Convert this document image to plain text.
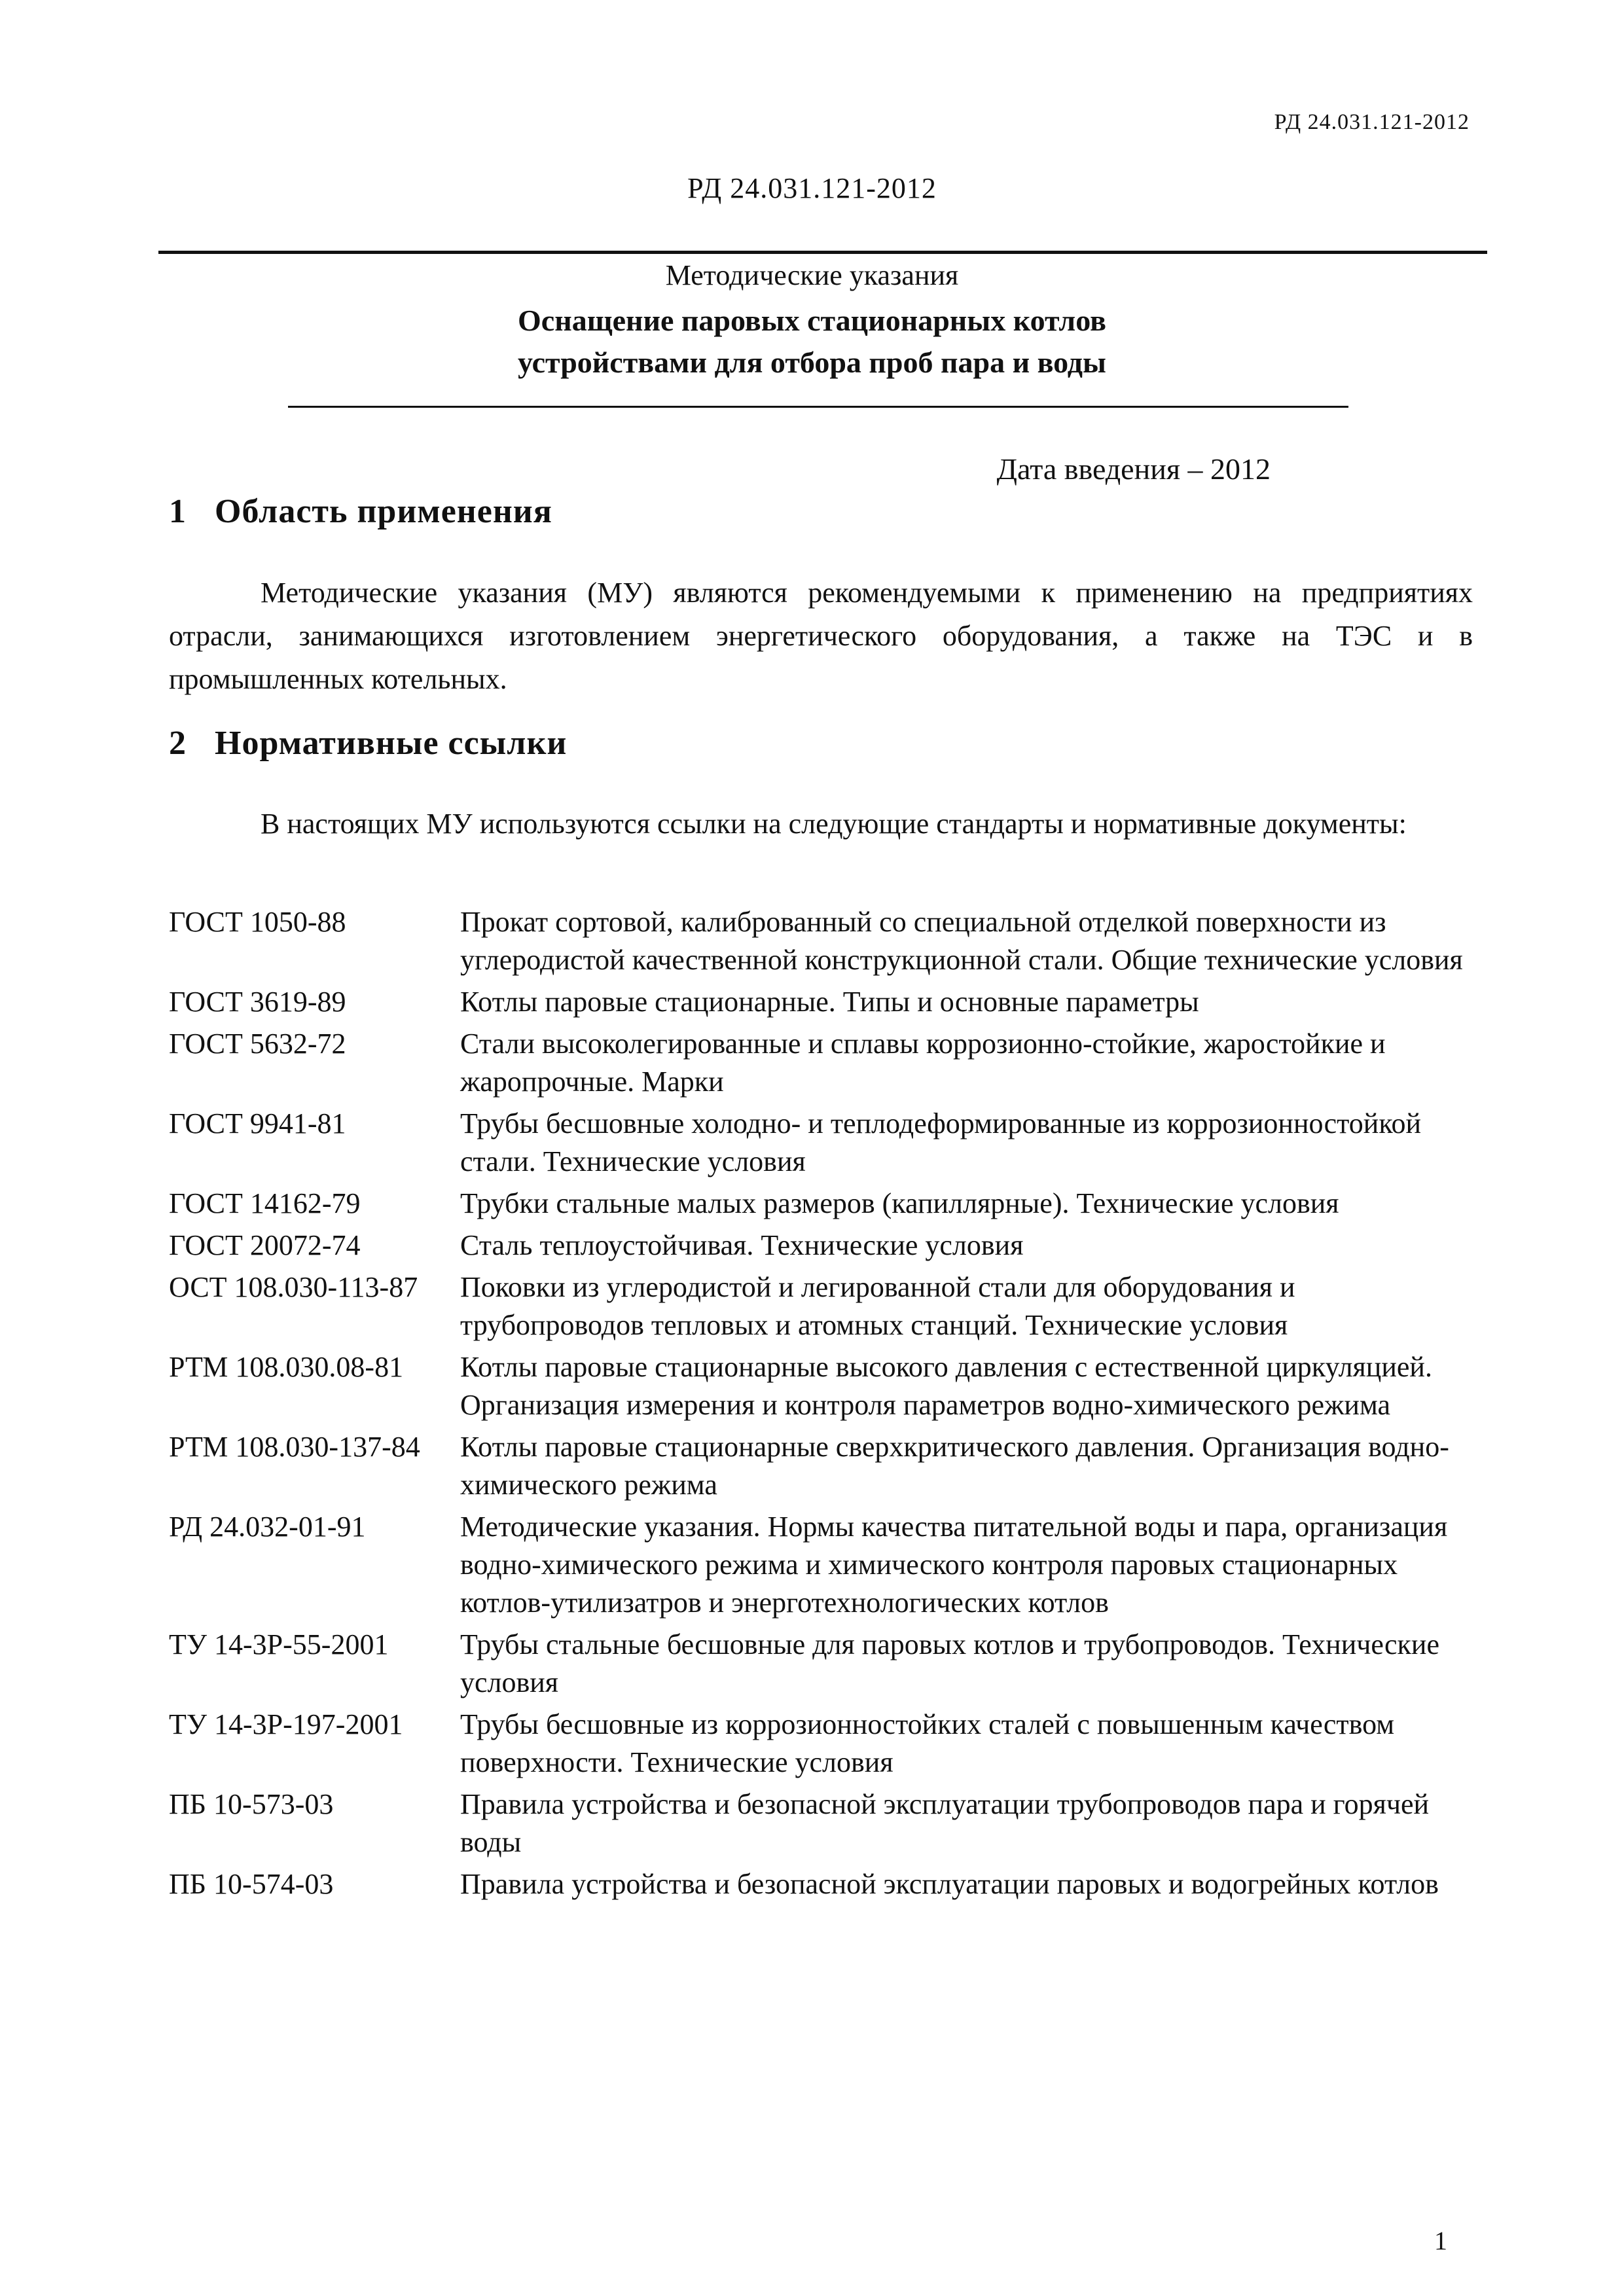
РД 24.031.121-2012
РД 24.031.121-2012
Методические указания
Оснащение паровых стационарных котлов
устройствами для отбора проб пара и воды
Дата введения – 2012
1 Область применения
Методические указания (МУ) являются рекомендуемыми к применению на предприятиях отрасли, занимающихся изготовлением энергетического оборудования, а также на ТЭС и в промышленных котельных.
2 Нормативные ссылки
В настоящих МУ используются ссылки на следующие стандарты и нормативные документы:
ГОСТ 1050-88	Прокат сортовой, калиброванный со специальной отделкой поверхности из углеродистой качественной конструкционной стали. Общие технические условия
ГОСТ 3619-89	Котлы паровые стационарные. Типы и основные параметры
ГОСТ 5632-72	Стали высоколегированные и сплавы коррозионно-стойкие, жаростойкие и жаропрочные. Марки
ГОСТ 9941-81	Трубы бесшовные холодно- и теплодеформированные из коррозионностойкой стали. Технические условия
ГОСТ 14162-79	Трубки стальные малых размеров (капиллярные). Технические условия
ГОСТ 20072-74	Сталь теплоустойчивая. Технические условия
ОСТ 108.030-113-87	Поковки из углеродистой и легированной стали для оборудования и трубопроводов тепловых и атомных станций. Технические условия
РТМ 108.030.08-81	Котлы паровые стационарные высокого давления с естественной циркуляцией. Организация измерения и контроля параметров водно-химического режима
РТМ 108.030-137-84	Котлы паровые стационарные сверхкритического давления. Организация водно-химического режима
РД 24.032-01-91	Методические указания. Нормы качества питательной воды и пара, организация водно-химического режима и химического контроля паровых стационарных котлов-утилизатров и энерготехнологических котлов
ТУ 14-3Р-55-2001	Трубы стальные бесшовные для паровых котлов и трубопроводов. Технические условия
ТУ 14-3Р-197-2001	Трубы бесшовные из коррозионностойких сталей с повышенным качеством поверхности. Технические условия
ПБ 10-573-03	Правила устройства и безопасной эксплуатации трубопроводов пара и горячей воды
ПБ 10-574-03	Правила устройства и безопасной эксплуатации паровых и водогрейных котлов
1
